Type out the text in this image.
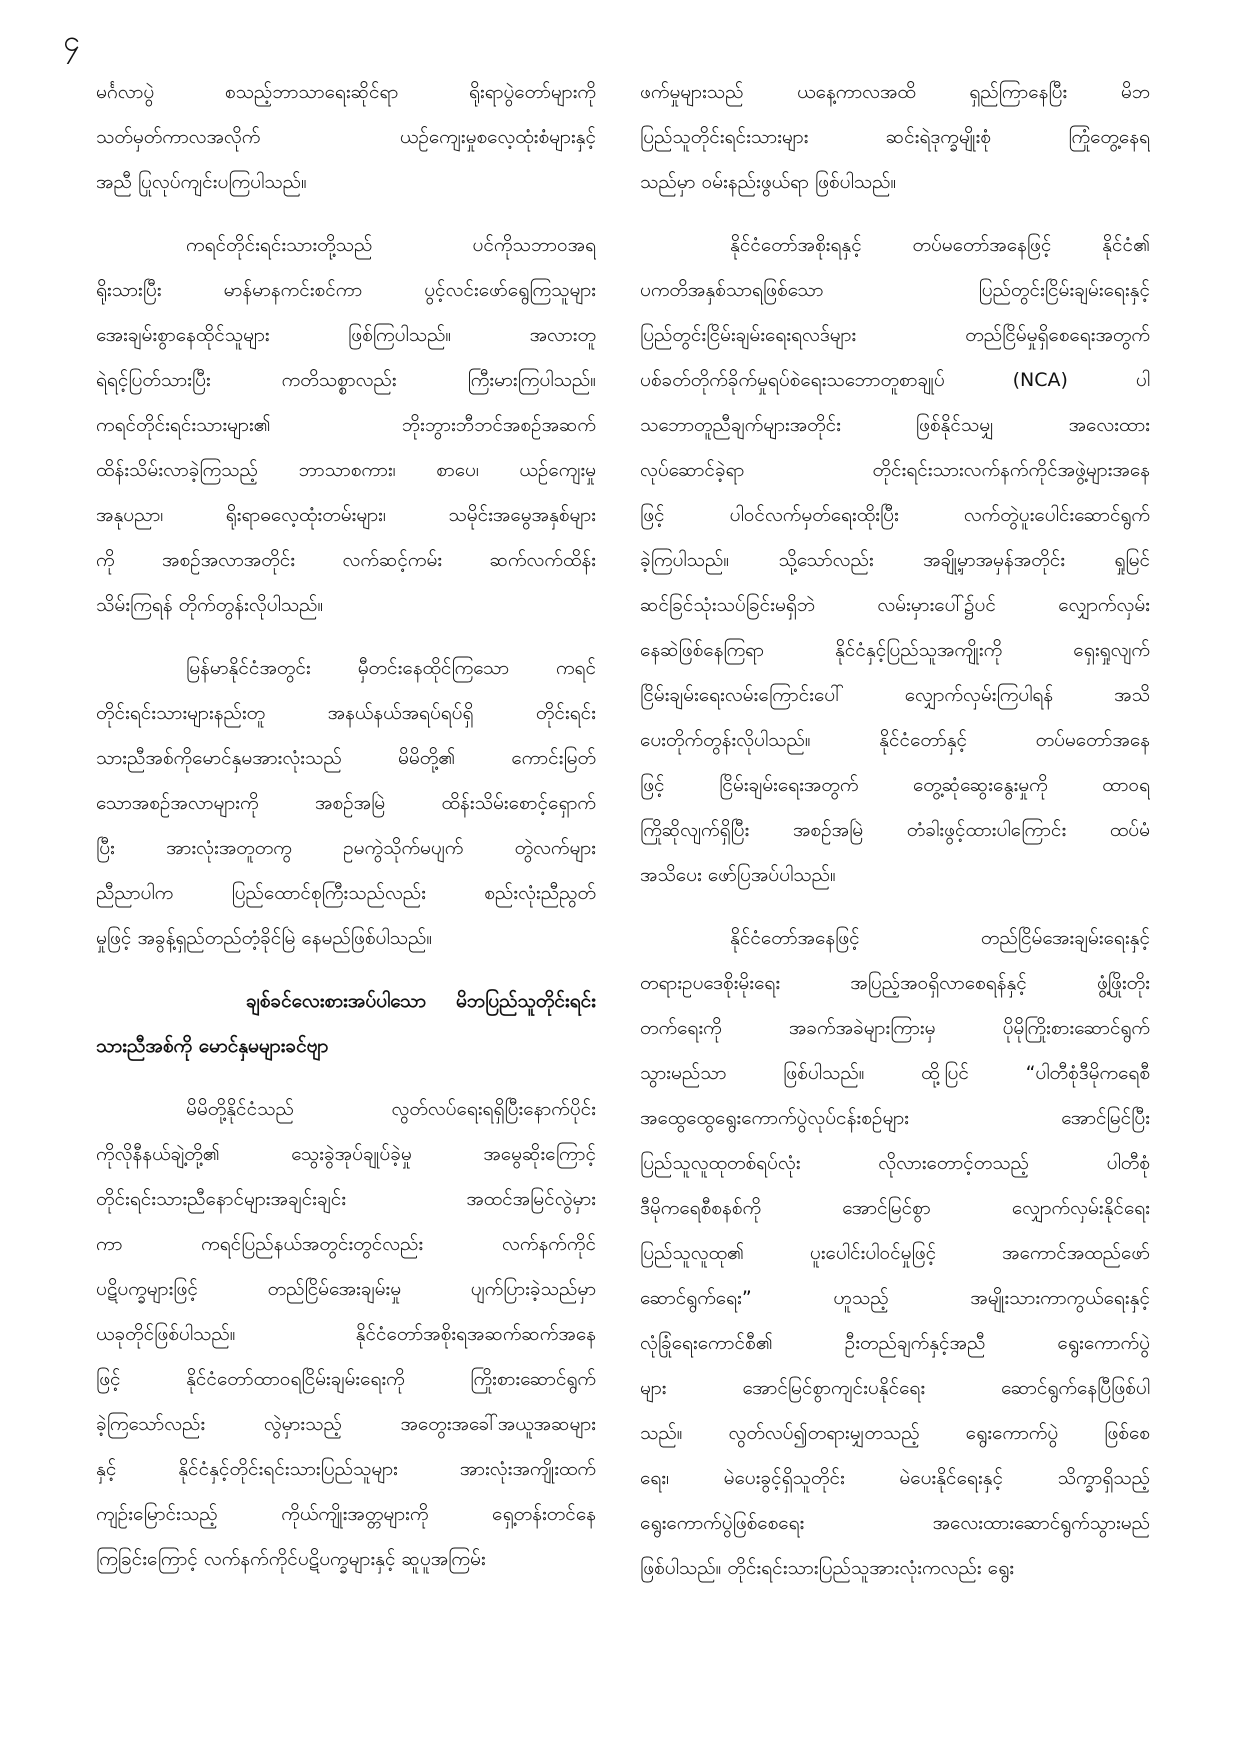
၄
မင်္ဂလာပွဲ စသည့်ဘာသာရေးဆိုင်ရာ ရိုးရာပွဲတော်များကို
သတ်မှတ်ကာလအလိုက် ယဉ်ကျေးမှုစလေ့ထုံးစံများနှင့်
အညီ ပြုလုပ်ကျင်းပကြပါသည်။
ကရင်တိုင်းရင်းသားတို့သည် ပင်ကိုသဘာဝအရ
ရိုးသားပြီး မာန်မာနကင်းစင်ကာ ပွင့်လင်းဖော်ရွေကြသူများ
အေးချမ်းစွာနေထိုင်သူများ ဖြစ်ကြပါသည်။ အလားတူ
ရဲရင့်ပြတ်သားပြီး ကတိသစ္စာလည်း ကြီးမားကြပါသည်။
ကရင်တိုင်းရင်းသားများ၏ ဘိုးဘွားဘီဘင်အစဉ်အဆက်
ထိန်းသိမ်းလာခဲ့ကြသည့် ဘာသာစကား၊ စာပေ၊ ယဉ်ကျေးမှု
အနုပညာ၊ ရိုးရာဓလေ့ထုံးတမ်းများ၊ သမိုင်းအမွေအနှစ်များ
ကို အစဉ်အလာအတိုင်း လက်ဆင့်ကမ်း ဆက်လက်ထိန်း
သိမ်းကြရန် တိုက်တွန်းလိုပါသည်။
မြန်မာနိုင်ငံအတွင်း မှီတင်းနေထိုင်ကြသော ကရင်
တိုင်းရင်းသားများနည်းတူ အနယ်နယ်အရပ်ရပ်ရှိ တိုင်းရင်း
သားညီအစ်ကိုမောင်နှမအားလုံးသည် မိမိတို့၏ ကောင်းမြတ်
သောအစဉ်အလာများကို အစဉ်အမြဲ ထိန်းသိမ်းစောင့်ရှောက်
ပြီး အားလုံးအတူတကွ ဥမကွဲသိုက်မပျက် တွဲလက်များ
ညီညာပါက ပြည်ထောင်စုကြီးသည်လည်း စည်းလုံးညီညွတ်
မှုဖြင့် အခွန့်ရှည်တည်တံ့ခိုင်မြဲ နေမည်ဖြစ်ပါသည်။
ချစ်ခင်လေးစားအပ်ပါသော မိဘပြည်သူတိုင်းရင်း
သားညီအစ်ကို မောင်နှမများခင်ဗျာ
မိမိတို့နိုင်ငံသည် လွတ်လပ်ရေးရရှိပြီးနောက်ပိုင်း
ကိုလိုနီနယ်ချဲ့တို့၏ သွေးခွဲအုပ်ချုပ်ခဲ့မှု အမွေဆိုးကြောင့်
တိုင်းရင်းသားညီနောင်များအချင်းချင်း အထင်အမြင်လွဲမှား
ကာ ကရင်ပြည်နယ်အတွင်းတွင်လည်း လက်နက်ကိုင်
ပဋိပက္ခများဖြင့် တည်ငြိမ်အေးချမ်းမှု ပျက်ပြားခဲ့သည်မှာ
ယခုတိုင်ဖြစ်ပါသည်။ နိုင်ငံတော်အစိုးရအဆက်ဆက်အနေ
ဖြင့် နိုင်ငံတော်ထာဝရငြိမ်းချမ်းရေးကို ကြိုးစားဆောင်ရွက်
ခဲ့ကြသော်လည်း လွဲမှားသည့် အတွေးအခေါ်အယူအဆများ
နှင့် နိုင်ငံနှင့်တိုင်းရင်းသားပြည်သူများ အားလုံးအကျိုးထက်
ကျဉ်းမြောင်းသည့် ကိုယ်ကျိုးအတ္တများကို ရှေ့တန်းတင်နေ
ကြခြင်းကြောင့် လက်နက်ကိုင်ပဋိပက္ခများနှင့် ဆူပူအကြမ်း
ဖက်မှုများသည် ယနေ့ကာလအထိ ရှည်ကြာနေပြီး မိဘ
ပြည်သူတိုင်းရင်းသားများ ဆင်းရဲဒုက္ခမျိုးစုံ ကြုံတွေ့နေရ
သည်မှာ ဝမ်းနည်းဖွယ်ရာ ဖြစ်ပါသည်။
နိုင်ငံတော်အစိုးရနှင့် တပ်မတော်အနေဖြင့် နိုင်ငံ၏
ပကတိအနှစ်သာရဖြစ်သော ပြည်တွင်းငြိမ်းချမ်းရေးနှင့်
ပြည်တွင်းငြိမ်းချမ်းရေးရလဒ်များ တည်ငြိမ်မှုရှိစေရေးအတွက်
ပစ်ခတ်တိုက်ခိုက်မှုရပ်စဲရေးသဘောတူစာချုပ် (NCA) ပါ
သဘောတူညီချက်များအတိုင်း ဖြစ်နိုင်သမျှ အလေးထား
လုပ်ဆောင်ခဲ့ရာ တိုင်းရင်းသားလက်နက်ကိုင်အဖွဲ့များအနေ
ဖြင့် ပါဝင်လက်မှတ်ရေးထိုးပြီး လက်တွဲပူးပေါင်းဆောင်ရွက်
ခဲ့ကြပါသည်။ သို့သော်လည်း အချို့မှာအမှန်အတိုင်း ရှုမြင်
ဆင်ခြင်သုံးသပ်ခြင်းမရှိဘဲ လမ်းမှားပေါ်၌ပင် လျှောက်လှမ်း
နေဆဲဖြစ်နေကြရာ နိုင်ငံနှင့်ပြည်သူအကျိုးကို ရှေးရှုလျက်
ငြိမ်းချမ်းရေးလမ်းကြောင်းပေါ် လျှောက်လှမ်းကြပါရန် အသိ
ပေးတိုက်တွန်းလိုပါသည်။ နိုင်ငံတော်နှင့် တပ်မတော်အနေ
ဖြင့် ငြိမ်းချမ်းရေးအတွက် တွေ့ဆုံဆွေးနွေးမှုကို ထာဝရ
ကြိုဆိုလျက်ရှိပြီး အစဉ်အမြဲ တံခါးဖွင့်ထားပါကြောင်း ထပ်မံ
အသိပေး ဖော်ပြအပ်ပါသည်။
နိုင်ငံတော်အနေဖြင့် တည်ငြိမ်အေးချမ်းရေးနှင့်
တရားဥပဒေစိုးမိုးရေး အပြည့်အဝရှိလာစေရန်နှင့် ဖွံ့ဖြိုးတိုး
တက်ရေးကို အခက်အခဲများကြားမှ ပိုမိုကြိုးစားဆောင်ရွက်
သွားမည်သာ ဖြစ်ပါသည်။ ထို့ပြင် “ပါတီစုံဒီမိုကရေစီ
အထွေထွေရွေးကောက်ပွဲလုပ်ငန်းစဉ်များ အောင်မြင်ပြီး
ပြည်သူလူထုတစ်ရပ်လုံး လိုလားတောင့်တသည့် ပါတီစုံ
ဒီမိုကရေစီစနစ်ကို အောင်မြင်စွာ လျှောက်လှမ်းနိုင်ရေး
ပြည်သူလူထု၏ ပူးပေါင်းပါဝင်မှုဖြင့် အကောင်အထည်ဖော်
ဆောင်ရွက်ရေး” ဟူသည့် အမျိုးသားကာကွယ်ရေးနှင့်
လုံခြုံရေးကောင်စီ၏ ဦးတည်ချက်နှင့်အညီ ရွေးကောက်ပွဲ
များ အောင်မြင်စွာကျင်းပနိုင်ရေး ဆောင်ရွက်နေပြီဖြစ်ပါ
သည်။ လွတ်လပ်၍တရားမျှတသည့် ရွေးကောက်ပွဲ ဖြစ်စေ
ရေး၊ မဲပေးခွင့်ရှိသူတိုင်း မဲပေးနိုင်ရေးနှင့် သိက္ခာရှိသည့်
ရွေးကောက်ပွဲဖြစ်စေရေး အလေးထားဆောင်ရွက်သွားမည်
ဖြစ်ပါသည်။ တိုင်းရင်းသားပြည်သူအားလုံးကလည်း ရွေး
